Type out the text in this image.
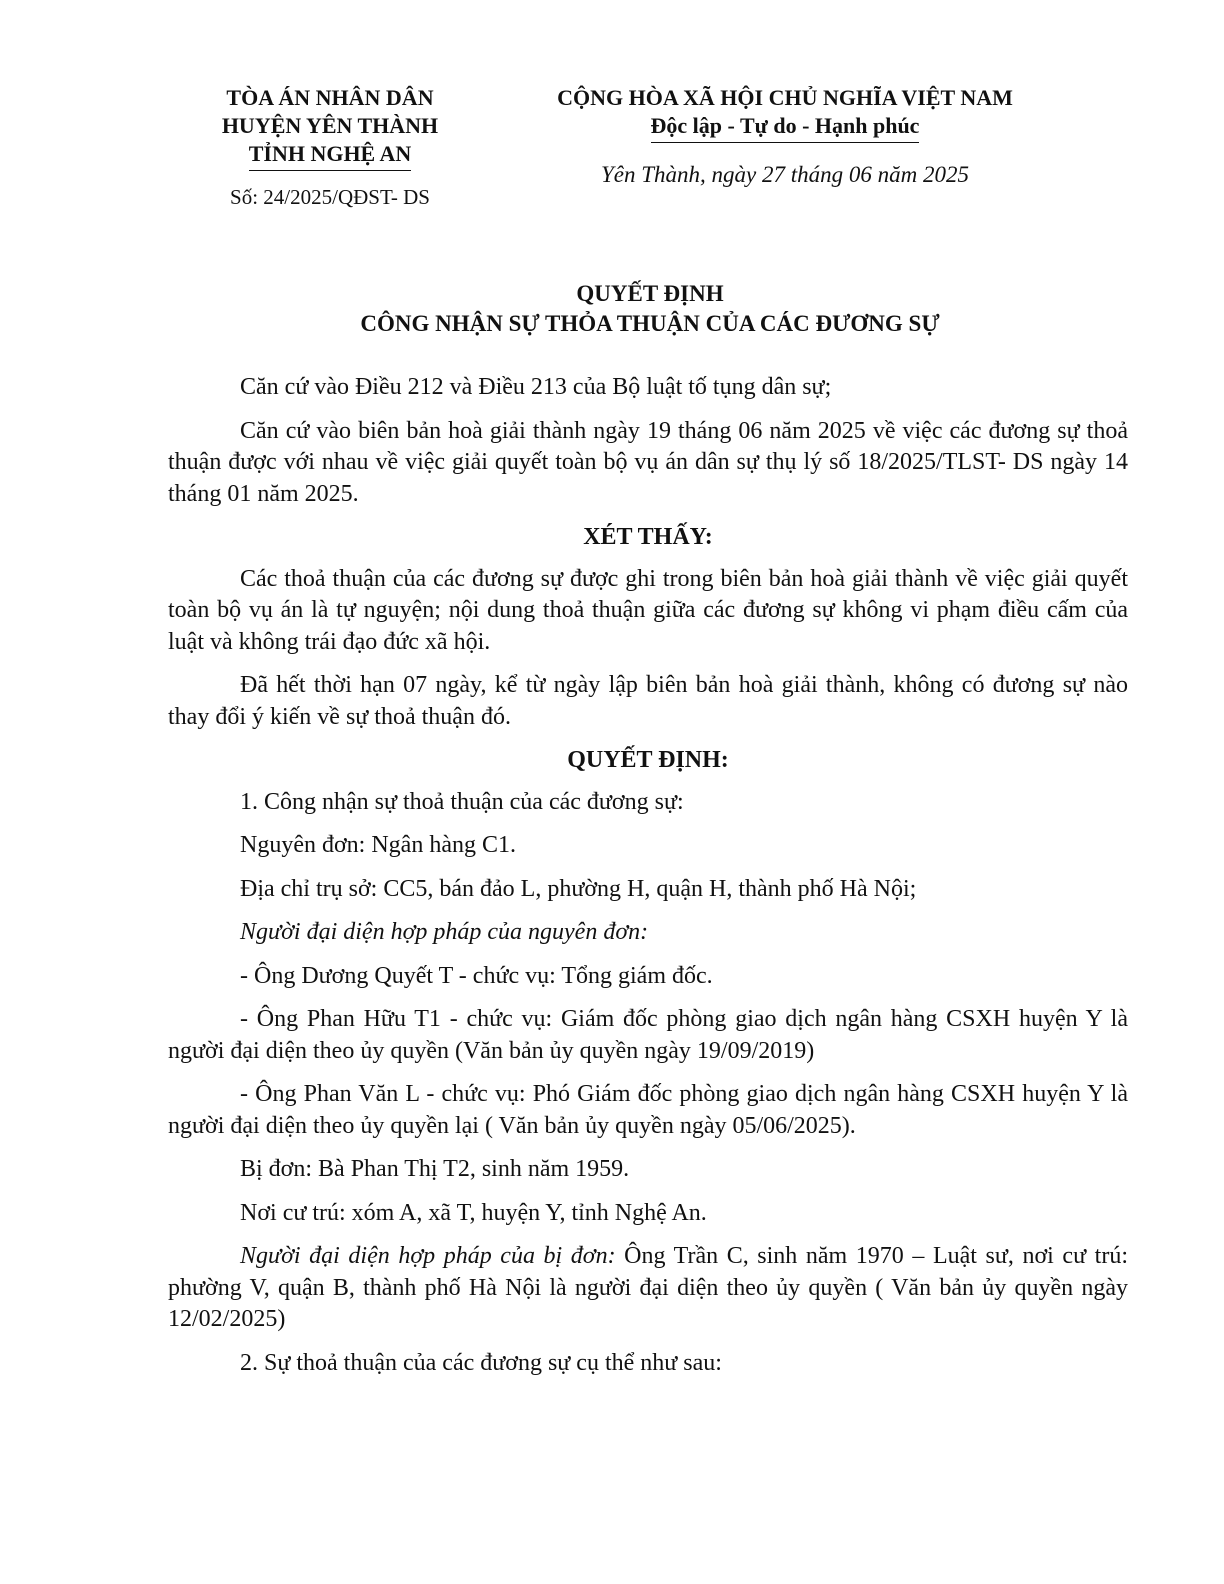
TÒA ÁN NHÂN DÂN
HUYỆN YÊN THÀNH
TỈNH NGHỆ AN
Số: 24/2025/QĐST- DS
CỘNG HÒA XÃ HỘI CHỦ NGHĨA VIỆT NAM
Độc lập - Tự do - Hạnh phúc
Yên Thành, ngày 27 tháng 06 năm 2025
QUYẾT ĐỊNH
CÔNG NHẬN SỰ THỎA THUẬN CỦA CÁC ĐƯƠNG SỰ

Căn cứ vào Điều 212 và Điều 213 của Bộ luật tố tụng dân sự;

Căn cứ vào biên bản hoà giải thành ngày 19 tháng 06 năm 2025 về việc các đương sự thoả thuận được với nhau về việc giải quyết toàn bộ vụ án dân sự thụ lý số 18/2025/TLST- DS ngày 14 tháng 01 năm 2025.

XÉT THẤY:

Các thoả thuận của các đương sự được ghi trong biên bản hoà giải thành về việc giải quyết toàn bộ vụ án là tự nguyện; nội dung thoả thuận giữa các đương sự không vi phạm điều cấm của luật và không trái đạo đức xã hội.

Đã hết thời hạn 07 ngày, kể từ ngày lập biên bản hoà giải thành, không có đương sự nào thay đổi ý kiến về sự thoả thuận đó.

QUYẾT ĐỊNH:

1. Công nhận sự thoả thuận của các đương sự:

Nguyên đơn: Ngân hàng C1.

Địa chỉ trụ sở: CC5, bán đảo L, phường H, quận H, thành phố Hà Nội;

Người đại diện hợp pháp của nguyên đơn:

- Ông Dương Quyết T - chức vụ: Tổng giám đốc.

- Ông Phan Hữu T1 - chức vụ: Giám đốc phòng giao dịch ngân hàng CSXH huyện Y là người đại diện theo ủy quyền (Văn bản ủy quyền ngày 19/09/2019)

- Ông Phan Văn L - chức vụ: Phó Giám đốc phòng giao dịch ngân hàng CSXH huyện Y là người đại diện theo ủy quyền lại ( Văn bản ủy quyền ngày 05/06/2025).

Bị đơn: Bà Phan Thị T2, sinh năm 1959.

Nơi cư trú: xóm A, xã T, huyện Y, tỉnh Nghệ An.

Người đại diện hợp pháp của bị đơn: Ông Trần C, sinh năm 1970 – Luật sư, nơi cư trú: phường V, quận B, thành phố Hà Nội là người đại diện theo ủy quyền ( Văn bản ủy quyền ngày 12/02/2025)

2. Sự thoả thuận của các đương sự cụ thể như sau:
